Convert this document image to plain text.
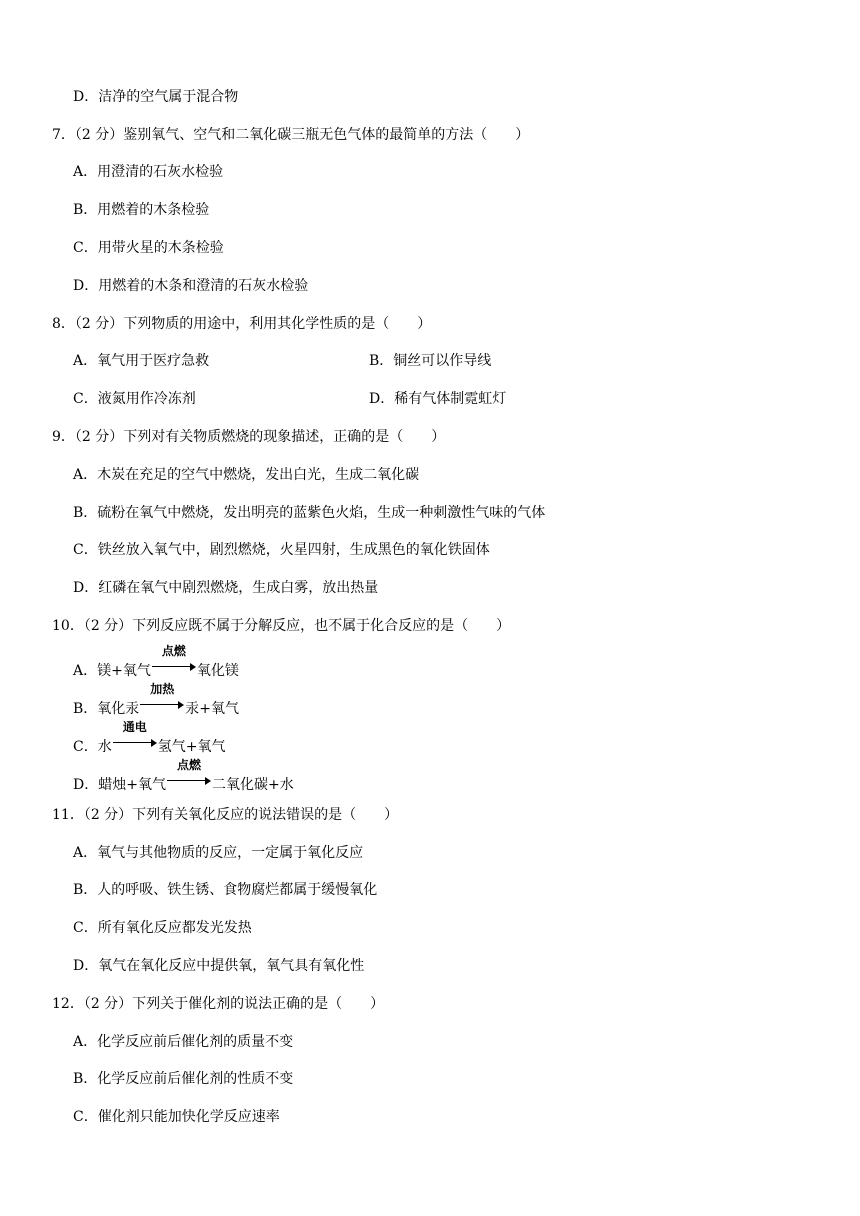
D．洁净的空气属于混合物
7．（2 分）鉴别氧气、空气和二氧化碳三瓶无色气体的最简单的方法（　　）
A．用澄清的石灰水检验
B．用燃着的木条检验
C．用带火星的木条检验
D．用燃着的木条和澄清的石灰水检验
8．（2 分）下列物质的用途中，利用其化学性质的是（　　）
A．氧气用于医疗急救	B．铜丝可以作导线
C．液氮用作冷冻剂	D．稀有气体制霓虹灯
9．（2 分）下列对有关物质燃烧的现象描述，正确的是（　　）
A．木炭在充足的空气中燃烧，发出白光，生成二氧化碳
B．硫粉在氧气中燃烧，发出明亮的蓝紫色火焰，生成一种刺激性气味的气体
C．铁丝放入氧气中，剧烈燃烧，火星四射，生成黑色的氧化铁固体
D．红磷在氧气中剧烈燃烧，生成白雾，放出热量
10．（2 分）下列反应既不属于分解反应，也不属于化合反应的是（　　）
A． 镁+氧气
点燃
氧化镁
B． 氧化汞
加热
汞+氧气
C． 水
通电
氢气+氧气
D． 蜡烛+氧气
点燃
二氧化碳+水
11．（2 分）下列有关氧化反应的说法错误的是（　　）
A．氧气与其他物质的反应，一定属于氧化反应
B．人的呼吸、铁生锈、食物腐烂都属于缓慢氧化
C．所有氧化反应都发光发热
D．氧气在氧化反应中提供氧，氧气具有氧化性
12．（2 分）下列关于催化剂的说法正确的是（　　）
A．化学反应前后催化剂的质量不变
B．化学反应前后催化剂的性质不变
C．催化剂只能加快化学反应速率
